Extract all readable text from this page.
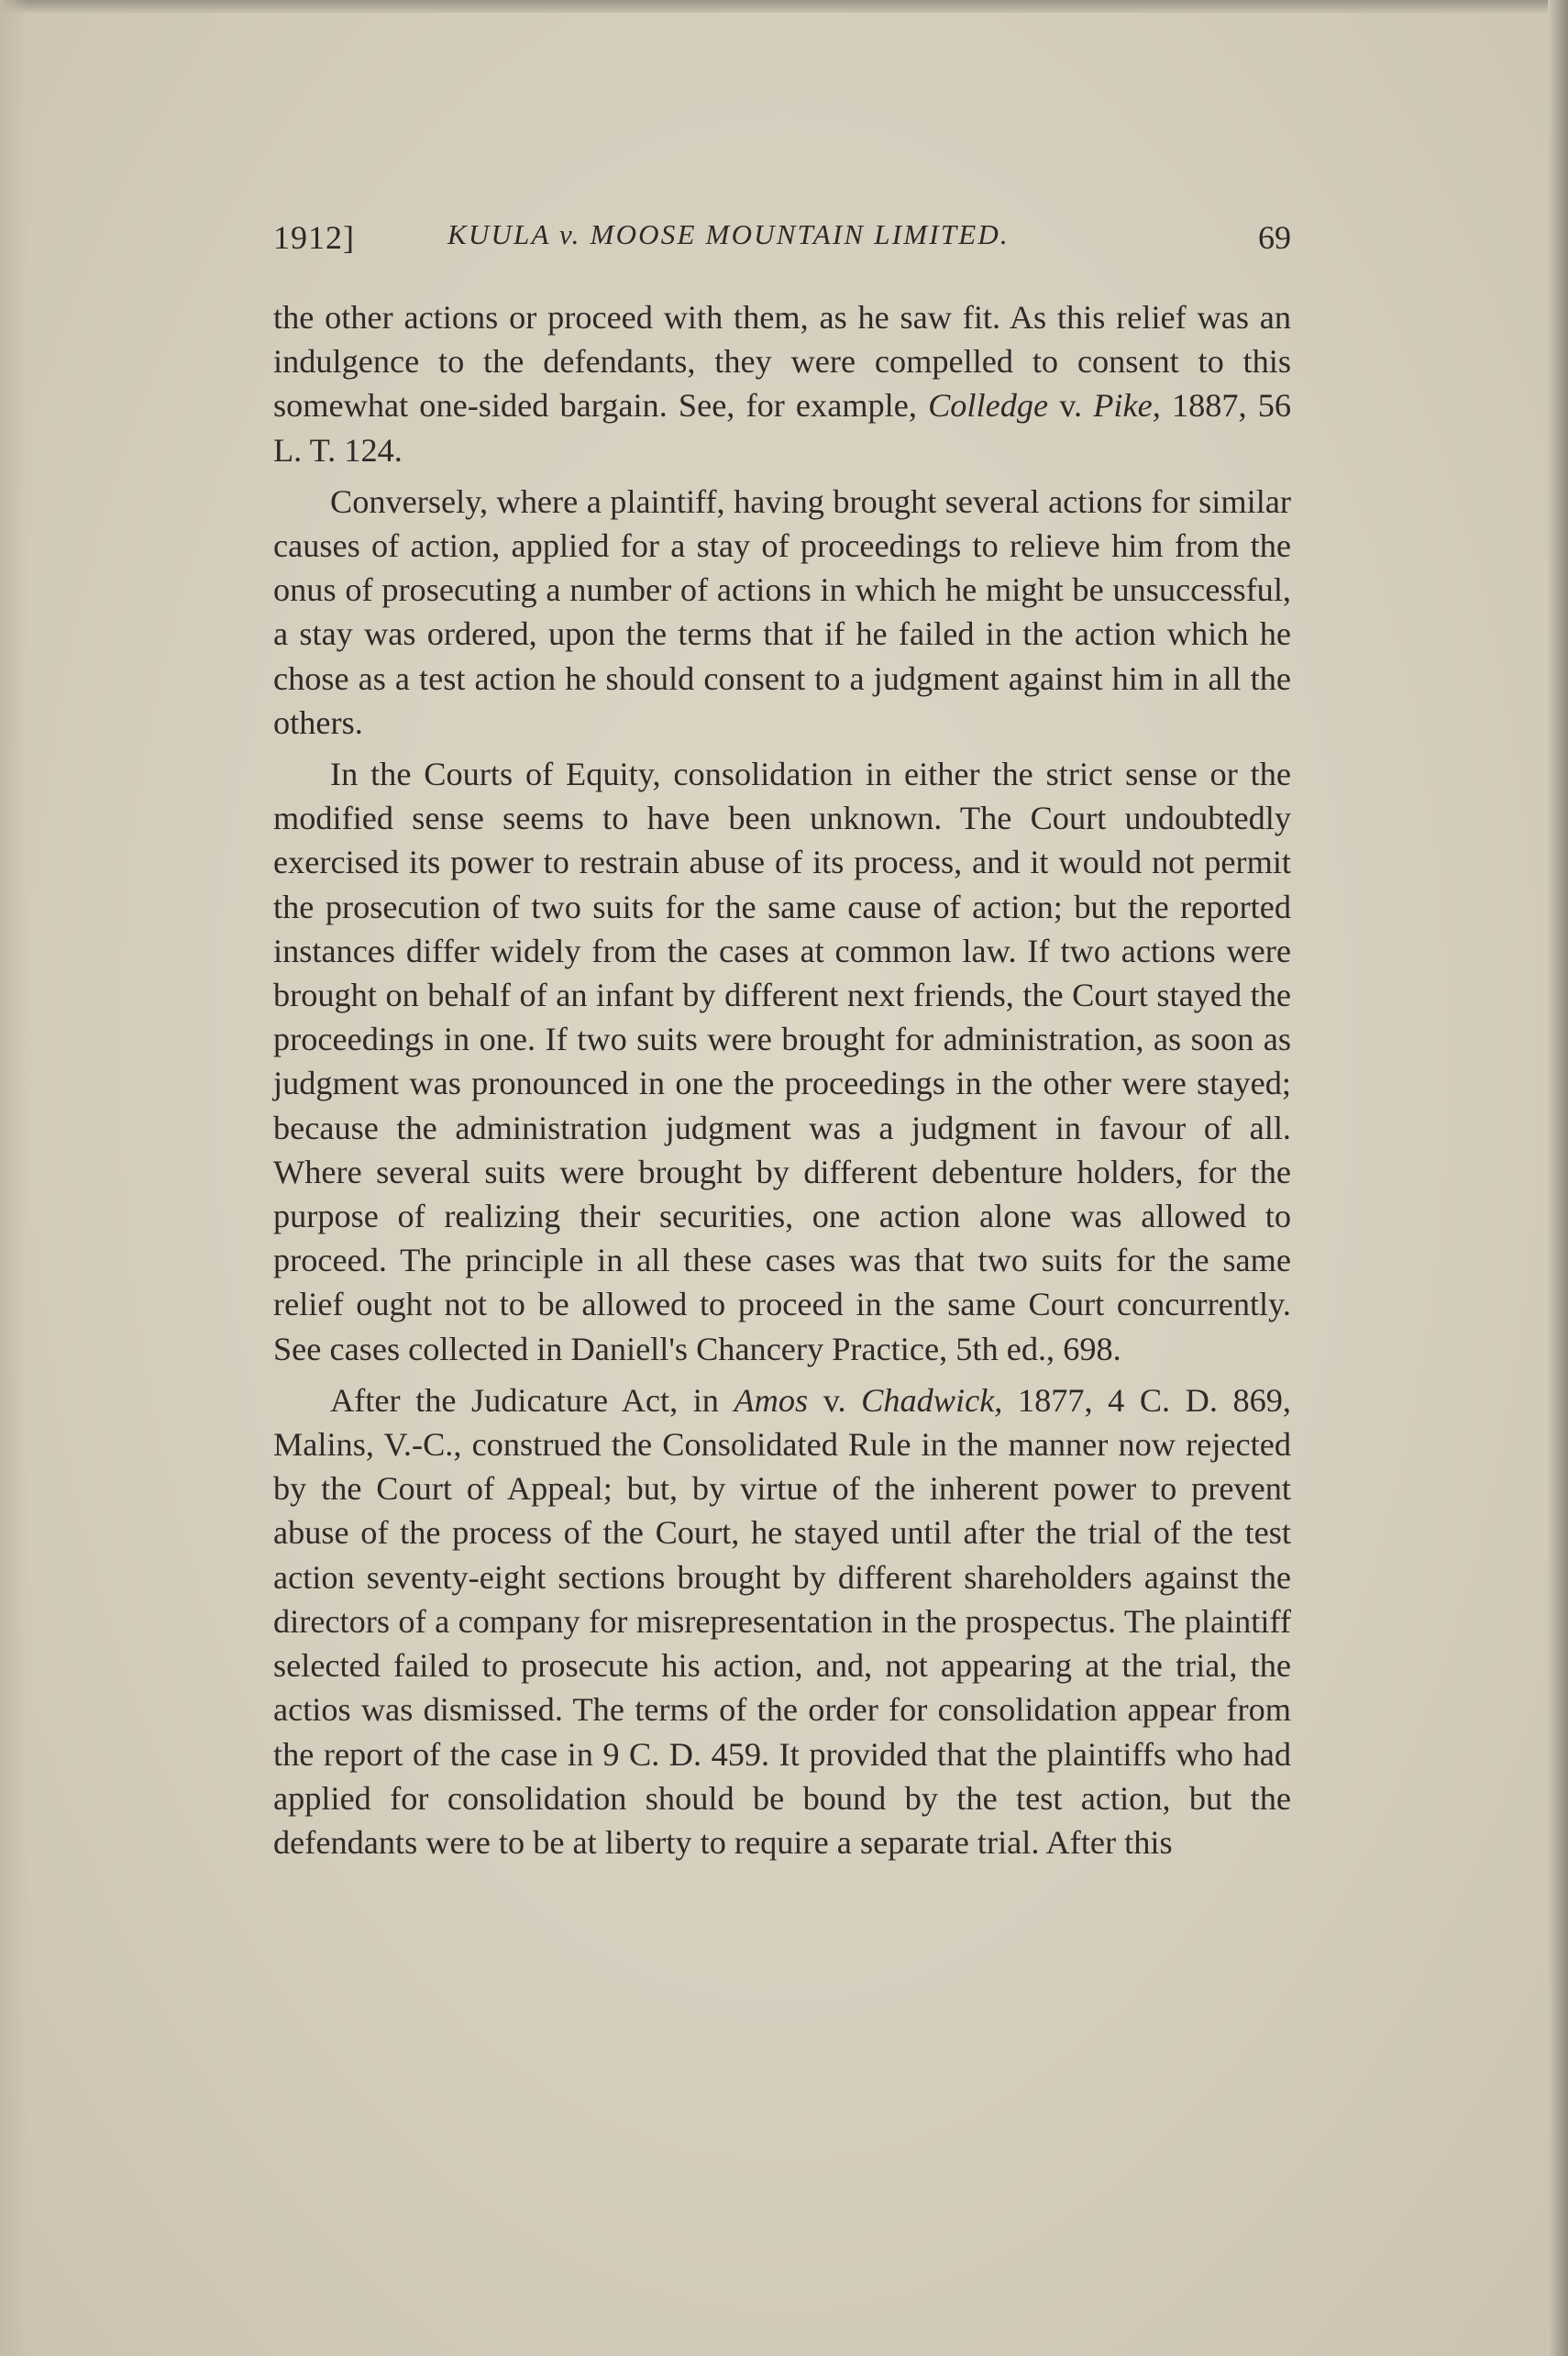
1912]	KUULA v. MOOSE MOUNTAIN LIMITED.	69

the other actions or proceed with them, as he saw fit. As this relief was an indulgence to the defendants, they were compelled to consent to this somewhat one-sided bargain. See, for example, Colledge v. Pike, 1887, 56 L. T. 124.

Conversely, where a plaintiff, having brought several actions for similar causes of action, applied for a stay of proceedings to relieve him from the onus of prosecuting a number of actions in which he might be unsuccessful, a stay was ordered, upon the terms that if he failed in the action which he chose as a test action he should consent to a judgment against him in all the others.

In the Courts of Equity, consolidation in either the strict sense or the modified sense seems to have been unknown. The Court undoubtedly exercised its power to restrain abuse of its process, and it would not permit the prosecution of two suits for the same cause of action; but the reported instances differ widely from the cases at common law. If two actions were brought on behalf of an infant by different next friends, the Court stayed the proceedings in one. If two suits were brought for administration, as soon as judgment was pronounced in one the proceedings in the other were stayed; because the administration judgment was a judgment in favour of all. Where several suits were brought by different debenture holders, for the purpose of realizing their securities, one action alone was allowed to proceed. The principle in all these cases was that two suits for the same relief ought not to be allowed to proceed in the same Court concurrently. See cases collected in Daniell's Chancery Practice, 5th ed., 698.

After the Judicature Act, in Amos v. Chadwick, 1877, 4 C. D. 869, Malins, V.-C., construed the Consolidated Rule in the manner now rejected by the Court of Appeal; but, by virtue of the inherent power to prevent abuse of the process of the Court, he stayed until after the trial of the test action seventy-eight sections brought by different shareholders against the directors of a company for misrepresentation in the prospectus. The plaintiff selected failed to prosecute his action, and, not appearing at the trial, the actios was dismissed. The terms of the order for consolidation appear from the report of the case in 9 C. D. 459. It provided that the plaintiffs who had applied for consolidation should be bound by the test action, but the defendants were to be at liberty to require a separate trial. After this
